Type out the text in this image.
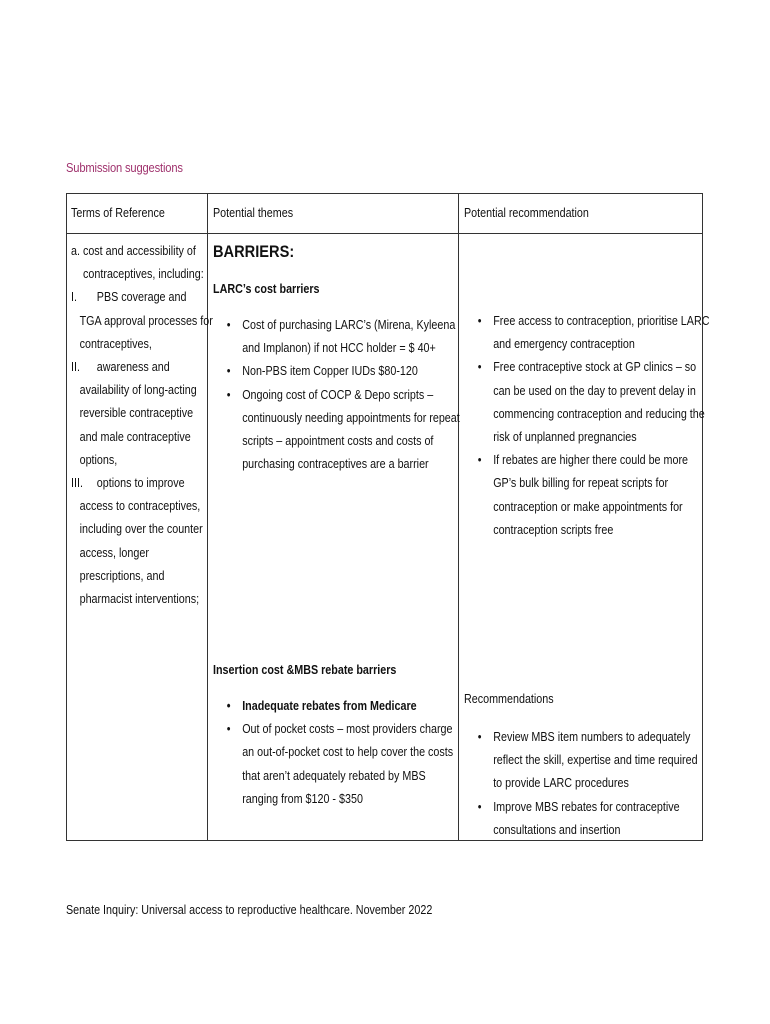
Submission suggestions
Terms of Reference	Potential themes	Potential recommendation
a. cost and accessibility of
contraceptives, including:
I. PBS coverage and
TGA approval processes for
contraceptives,
II. awareness and
availability of long-acting
reversible contraceptive
and male contraceptive
options,
III. options to improve
access to contraceptives,
including over the counter
access, longer
prescriptions, and
pharmacist interventions;
BARRIERS:
LARC’s cost barriers
• Cost of purchasing LARC’s (Mirena, Kyleena
and Implanon) if not HCC holder = $ 40+
• Non-PBS item Copper IUDs $80-120
• Ongoing cost of COCP & Depo scripts –
continuously needing appointments for repeat
scripts – appointment costs and costs of
purchasing contraceptives are a barrier
Insertion cost &MBS rebate barriers
• Inadequate rebates from Medicare
• Out of pocket costs – most providers charge
an out-of-pocket cost to help cover the costs
that aren’t adequately rebated by MBS
ranging from $120 - $350
• Free access to contraception, prioritise LARC
and emergency contraception
• Free contraceptive stock at GP clinics – so
can be used on the day to prevent delay in
commencing contraception and reducing the
risk of unplanned pregnancies
• If rebates are higher there could be more
GP’s bulk billing for repeat scripts for
contraception or make appointments for
contraception scripts free
Recommendations
• Review MBS item numbers to adequately
reflect the skill, expertise and time required
to provide LARC procedures
• Improve MBS rebates for contraceptive
consultations and insertion
Senate Inquiry: Universal access to reproductive healthcare. November 2022
